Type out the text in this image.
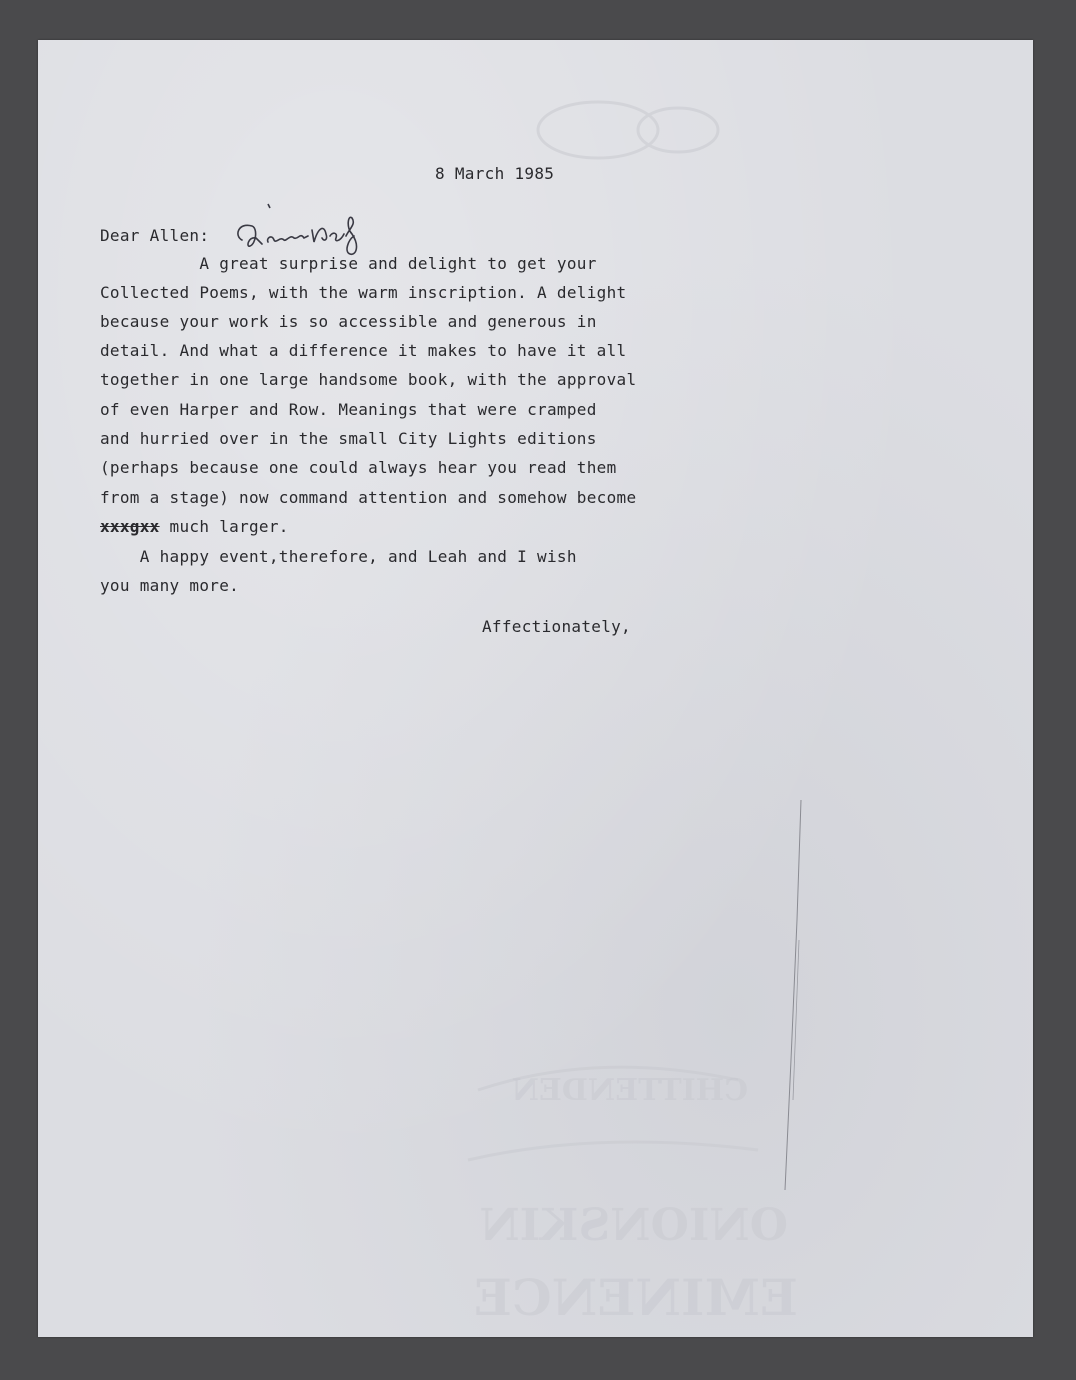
CHITTENDEN
ONIONSKIN
EMINENCE
8 March 1985
Dear Allen:
A great surprise and delight to get your
Collected Poems, with the warm inscription. A delight
because your work is so accessible and generous in
detail. And what a difference it makes to have it all
together in one large handsome book, with the approval
of even Harper and Row. Meanings that were cramped
and hurried over in the small City Lights editions
(perhaps because one could always hear you read them
from a stage) now command attention and somehow become
xxxgxx much larger.
A happy event,therefore, and Leah and I wish
you many more.
Affectionately,
